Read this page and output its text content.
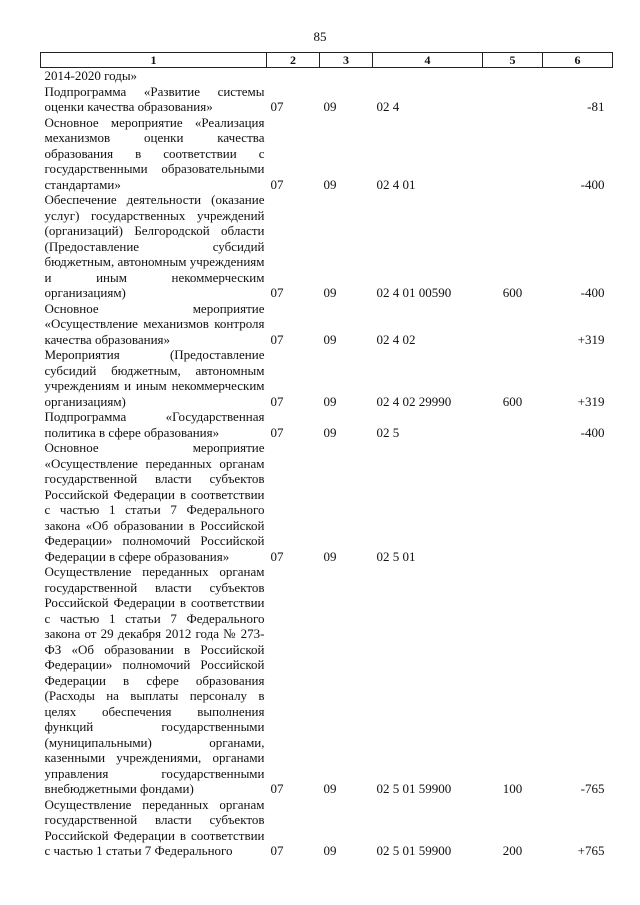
85
1	2	3	4	5	6
2014-2020 годы»					
Подпрограмма «Развитие системы оценки качества образования»	07	09	02 4		-81
Основное мероприятие «Реализация механизмов оценки качества образования в соответствии с государственными образовательными стандартами»	07	09	02 4 01		-400
Обеспечение деятельности (оказание услуг) государственных учреждений (организаций) Белгородской области (Предоставление субсидий бюджетным, автономным учреждениям и иным некоммерческим организациям)	07	09	02 4 01 00590	600	-400
Основное мероприятие «Осуществление механизмов контроля качества образования»	07	09	02 4 02		+319
Мероприятия (Предоставление субсидий бюджетным, автономным учреждениям и иным некоммерческим организациям)	07	09	02 4 02 29990	600	+319
Подпрограмма «Государственная политика в сфере образования»	07	09	02 5		-400
Основное мероприятие «Осуществление переданных органам государственной власти субъектов Российской Федерации в соответствии с частью 1 статьи 7 Федерального закона «Об образовании в Российской Федерации» полномочий Российской Федерации в сфере образования»	07	09	02 5 01		
Осуществление переданных органам государственной власти субъектов Российской Федерации в соответствии с частью 1 статьи 7 Федерального закона от 29 декабря 2012 года № 273-ФЗ «Об образовании в Российской Федерации» полномочий Российской Федерации в сфере образования (Расходы на выплаты персоналу в целях обеспечения выполнения функций государственными (муниципальными) органами, казенными учреждениями, органами управления государственными внебюджетными фондами)	07	09	02 5 01 59900	100	-765
Осуществление переданных органам государственной власти субъектов Российской Федерации в соответствии с частью 1 статьи 7 Федерального	07	09	02 5 01 59900	200	+765
